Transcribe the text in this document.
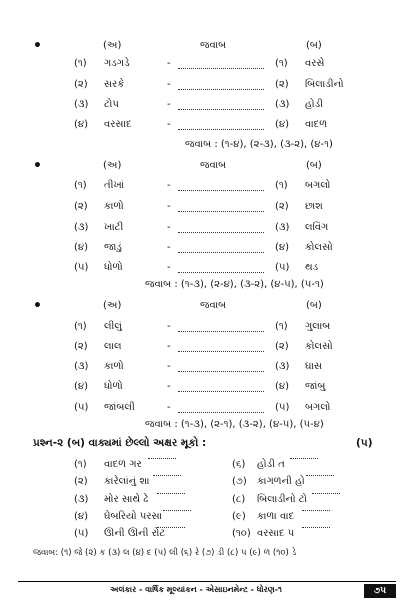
•	(અ)	જવાબ	(બ)
(૧) ગડગડે	-	(૧) વરસે
(૨) સરકે	-	(૨) બિલાડીનો
(૩) ટોપ	-	(૩) હોડી
(૪) વરસાદ	-	(૪) વાદળ
જવાબ : (૧-૪), (૨-૩), (૩-૨), (૪-૧)
•	(અ)	જવાબ	(બ)
(૧) તીખાં	-	(૧) બગલો
(૨) કાળો	-	(૨) છાશ
(૩) ખાટી	-	(૩) લવિંગ
(૪) જાડું	-	(૪) કોલસો
(૫) ધોળો	-	(૫) થડ
જવાબ : (૧-૩), (૨-૪), (૩-૨), (૪-૫), (૫-૧)
•	(અ)	જવાબ	(બ)
(૧) લીલું	-	(૧) ગુલાબ
(૨) લાલ	-	(૨) કોલસો
(૩) કાળો	-	(૩) ઘાસ
(૪) ધોળો	-	(૪) જાંબુ
(૫) જાંબલી	-	(૫) બગલો
જવાબ : (૧-૩), (૨-૧), (૩-૨), (૪-૫), (૫-૪)
પ્રશ્ન-૨ (બ) વાક્યમાં છેલ્લો અક્ષર મૂકો :	(૫)
(૧) વાદળ ગર
(૨) કારેલાંનું શા
(૩) મોર સાથે ઢે
(૪) ઘેબરિયો પરસા
(૫) ઊની ઊની રોટ
(૬) હોડી ત
(૭) કાગળની હો
(૮) બિલાડીનો ટો
(૯) કાળા વાદ
(૧૦) વરસાદ પ
જવાબ: (૧) જે (૨) ક (૩) લ (૪) દ (૫) લી (૬) રે (૭) ડી (૮) પ (૯) ળ (૧૦) ડે
અલંકાર - વાર્ષિક મૂલ્યાંકન - એસાઇનમેન્ટ - ધોરણ-૧	૭૫
